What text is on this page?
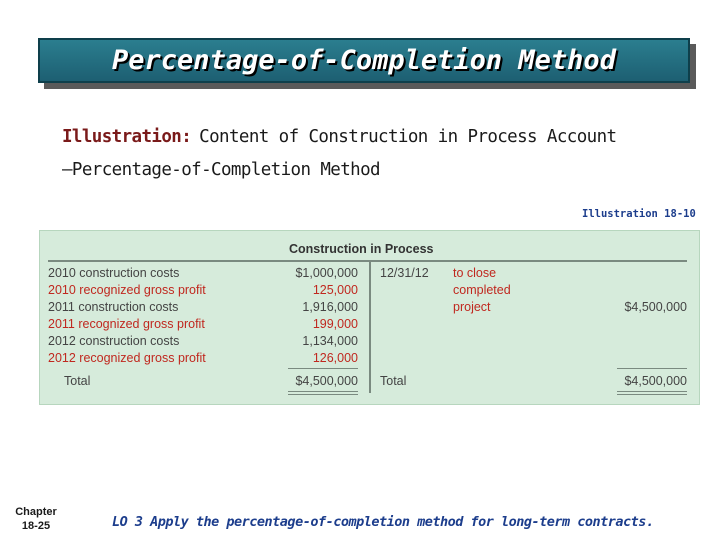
Percentage-of-Completion Method
Illustration: Content of Construction in Process Account
—Percentage-of-Completion Method
Illustration 18-10
Construction in Process
2010 construction costs	$1,000,000
2010 recognized gross profit	125,000
2011 construction costs	1,916,000
2011 recognized gross profit	199,000
2012 construction costs	1,134,000
2012 recognized gross profit	126,000
Total	$4,500,000
12/31/12 to close
completed
project	$4,500,000
Total	$4,500,000
Chapter
18-25	LO 3 Apply the percentage-of-completion method for long-term contracts.
